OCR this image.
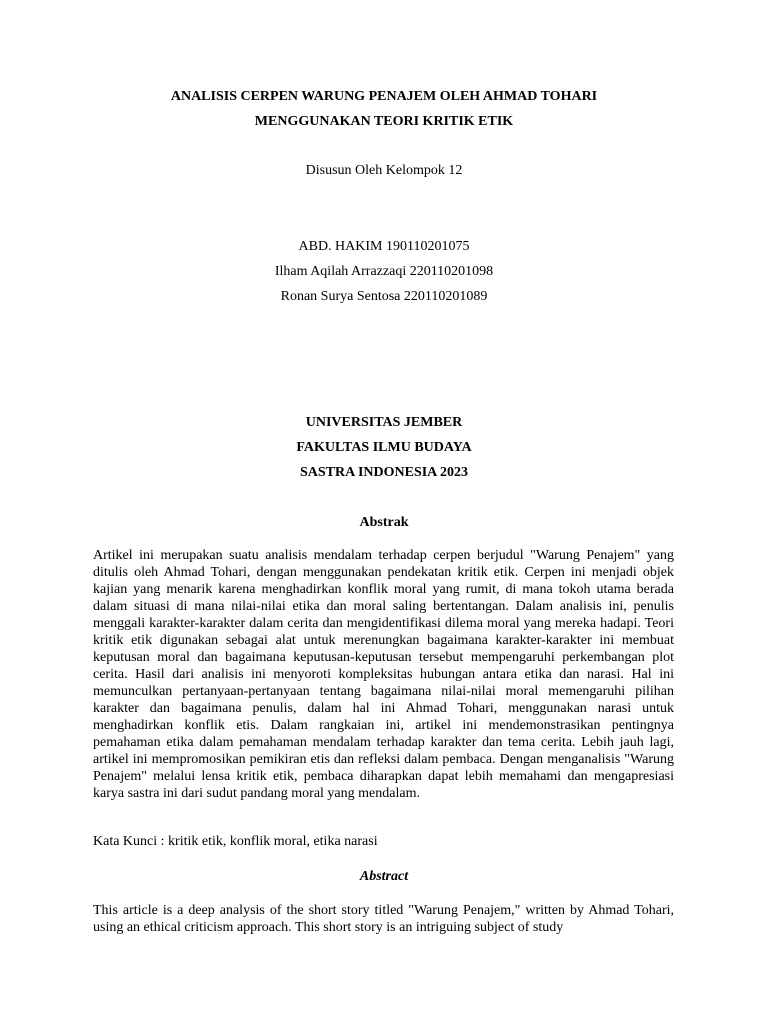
ANALISIS CERPEN WARUNG PENAJEM OLEH AHMAD TOHARI

MENGGUNAKAN TEORI KRITIK ETIK

Disusun Oleh Kelompok 12

ABD. HAKIM 190110201075

Ilham Aqilah Arrazzaqi 220110201098

Ronan Surya Sentosa 220110201089

UNIVERSITAS JEMBER

FAKULTAS ILMU BUDAYA

SASTRA INDONESIA 2023

Abstrak

Artikel ini merupakan suatu analisis mendalam terhadap cerpen berjudul "Warung Penajem" yang ditulis oleh Ahmad Tohari, dengan menggunakan pendekatan kritik etik. Cerpen ini menjadi objek kajian yang menarik karena menghadirkan konflik moral yang rumit, di mana tokoh utama berada dalam situasi di mana nilai-nilai etika dan moral saling bertentangan. Dalam analisis ini, penulis menggali karakter-karakter dalam cerita dan mengidentifikasi dilema moral yang mereka hadapi. Teori kritik etik digunakan sebagai alat untuk merenungkan bagaimana karakter-karakter ini membuat keputusan moral dan bagaimana keputusan-keputusan tersebut mempengaruhi perkembangan plot cerita. Hasil dari analisis ini menyoroti kompleksitas hubungan antara etika dan narasi. Hal ini memunculkan pertanyaan-pertanyaan tentang bagaimana nilai-nilai moral memengaruhi pilihan karakter dan bagaimana penulis, dalam hal ini Ahmad Tohari, menggunakan narasi untuk menghadirkan konflik etis. Dalam rangkaian ini, artikel ini mendemonstrasikan pentingnya pemahaman etika dalam pemahaman mendalam terhadap karakter dan tema cerita. Lebih jauh lagi, artikel ini mempromosikan pemikiran etis dan refleksi dalam pembaca. Dengan menganalisis "Warung Penajem" melalui lensa kritik etik, pembaca diharapkan dapat lebih memahami dan mengapresiasi karya sastra ini dari sudut pandang moral yang mendalam.

Kata Kunci : kritik etik, konflik moral, etika narasi

Abstract

This article is a deep analysis of the short story titled "Warung Penajem," written by Ahmad Tohari, using an ethical criticism approach. This short story is an intriguing subject of study
